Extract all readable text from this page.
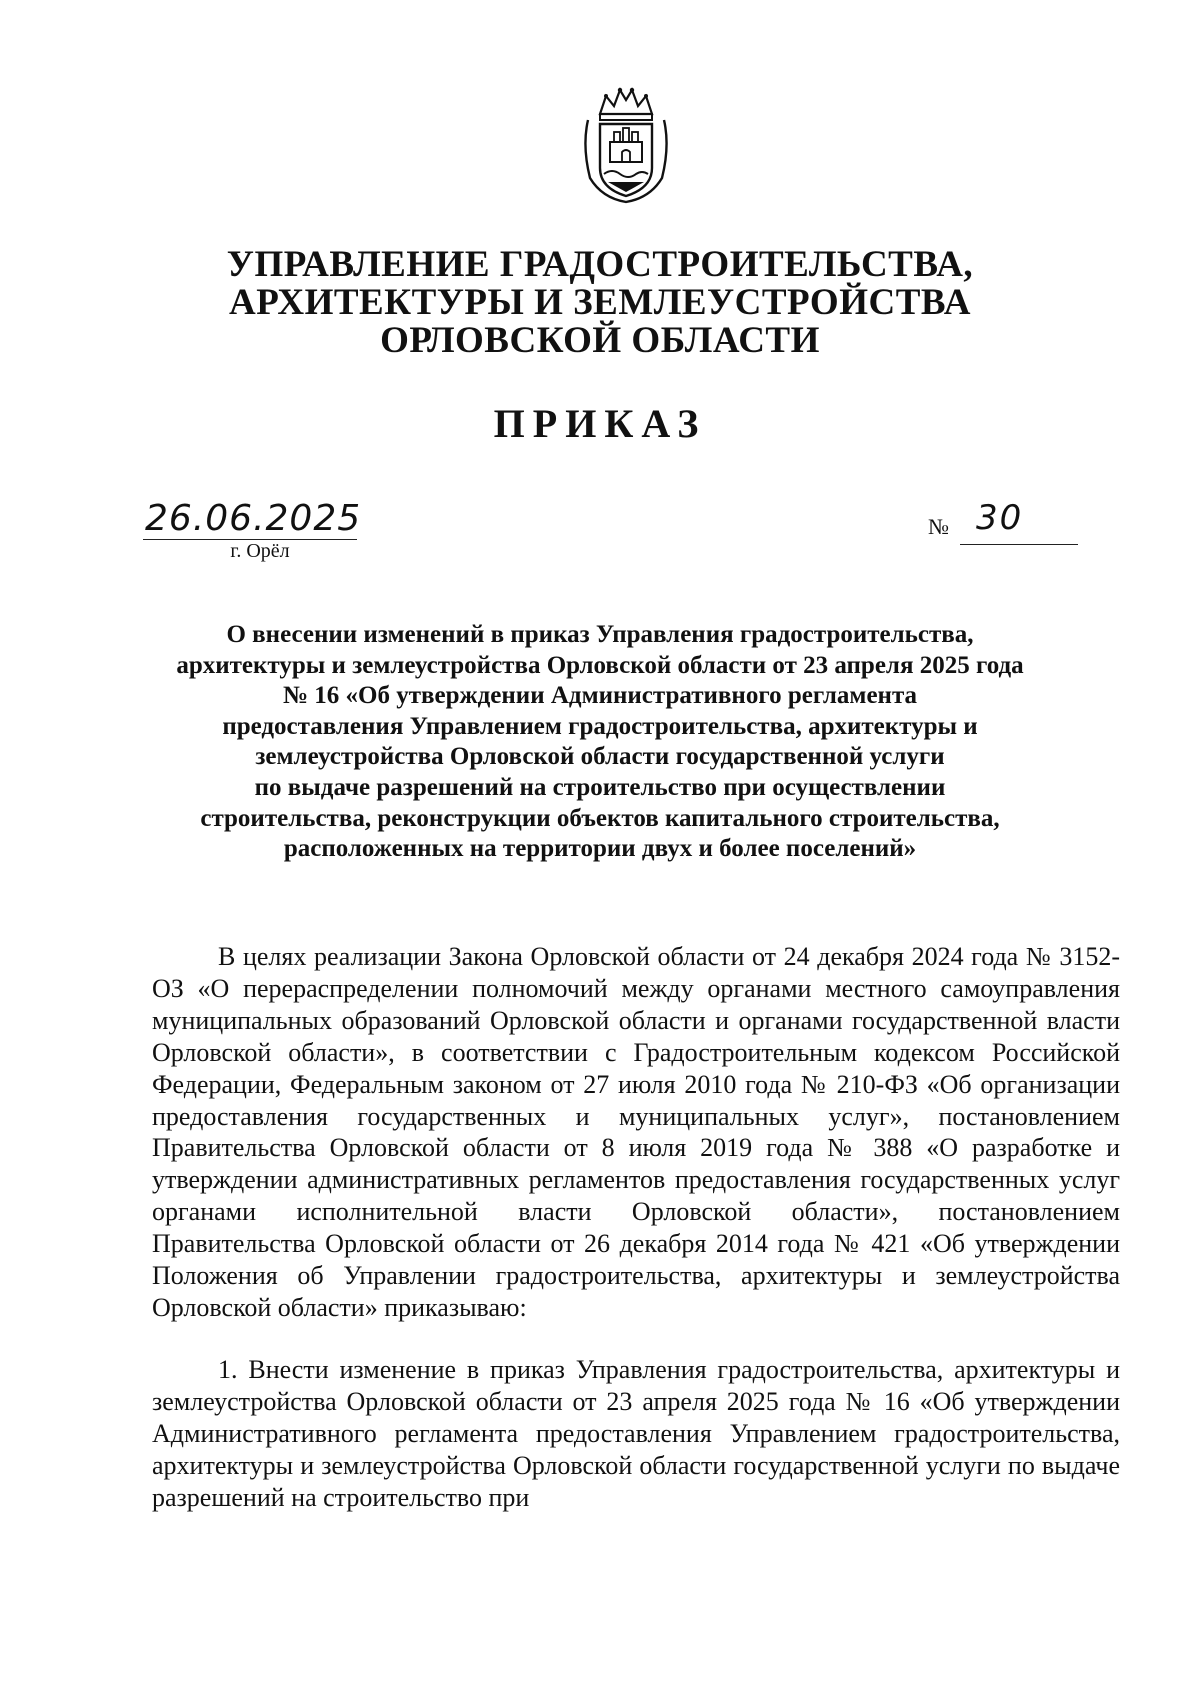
УПРАВЛЕНИЕ ГРАДОСТРОИТЕЛЬСТВА,
АРХИТЕКТУРЫ И ЗЕМЛЕУСТРОЙСТВА
ОРЛОВСКОЙ ОБЛАСТИ
ПРИКАЗ
26.06.2025
г. Орёл
№ 30
О внесении изменений в приказ Управления градостроительства,
архитектуры и землеустройства Орловской области от 23 апреля 2025 года
№ 16 «Об утверждении Административного регламента
предоставления Управлением градостроительства, архитектуры и
землеустройства Орловской области государственной услуги
по выдаче разрешений на строительство при осуществлении
строительства, реконструкции объектов капитального строительства,
расположенных на территории двух и более поселений»

В целях реализации Закона Орловской области от 24 декабря 2024 года № 3152-ОЗ «О перераспределении полномочий между органами местного самоуправления муниципальных образований Орловской области и органами государственной власти Орловской области», в соответствии с Градостроительным кодексом Российской Федерации, Федеральным законом от 27 июля 2010 года № 210-ФЗ «Об организации предоставления государственных и муниципальных услуг», постановлением Правительства Орловской области от 8 июля 2019 года № 388 «О разработке и утверждении административных регламентов предоставления государственных услуг органами исполнительной власти Орловской области», постановлением Правительства Орловской области от 26 декабря 2014 года № 421 «Об утверждении Положения об Управлении градостроительства, архитектуры и землеустройства Орловской области» приказываю:

1. Внести изменение в приказ Управления градостроительства, архитектуры и землеустройства Орловской области от 23 апреля 2025 года № 16 «Об утверждении Административного регламента предоставления Управлением градостроительства, архитектуры и землеустройства Орловской области государственной услуги по выдаче разрешений на строительство при
